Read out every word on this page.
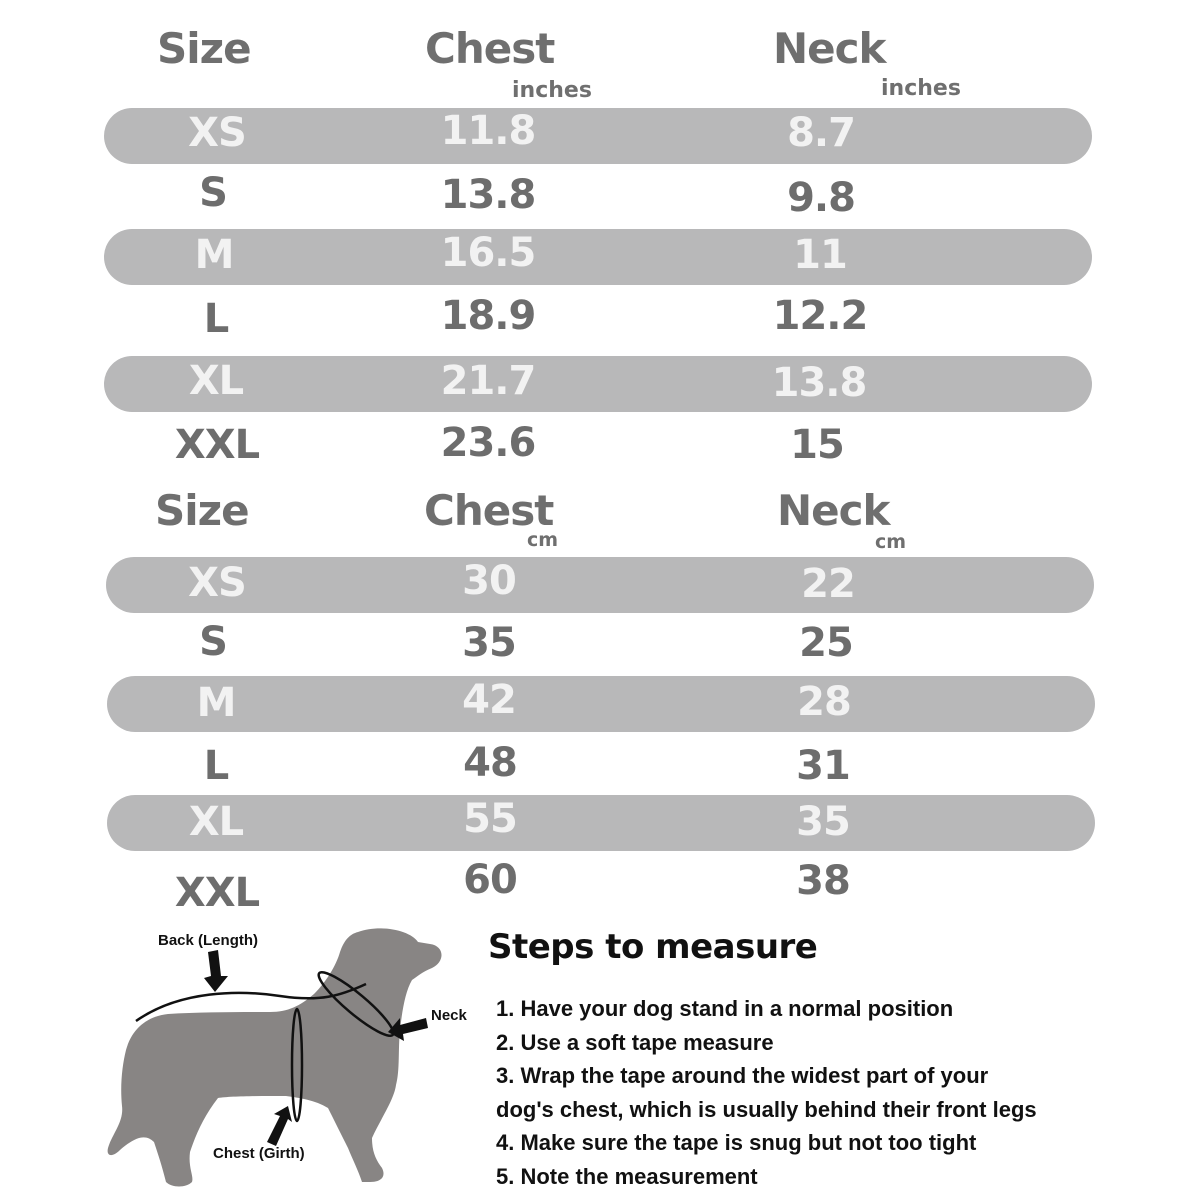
Size	Chest	Neck
inches	inches
XS	11.8	8.7
S	13.8	9.8
M	16.5	11
L	18.9	12.2
XL	21.7	13.8
XXL	23.6	15
Size	Chest	Neck
cm	cm
XS	30	22
S	35	25
M	42	28
L	48	31
XL	55	35
XXL	60	38
Back (Length)
Neck
Chest (Girth)
Steps to measure
1. Have your dog stand in a normal position
2. Use a soft tape measure
3. Wrap the tape around the widest part of your
dog's chest, which is usually behind their front legs
4. Make sure the tape is snug but not too tight
5. Note the measurement
